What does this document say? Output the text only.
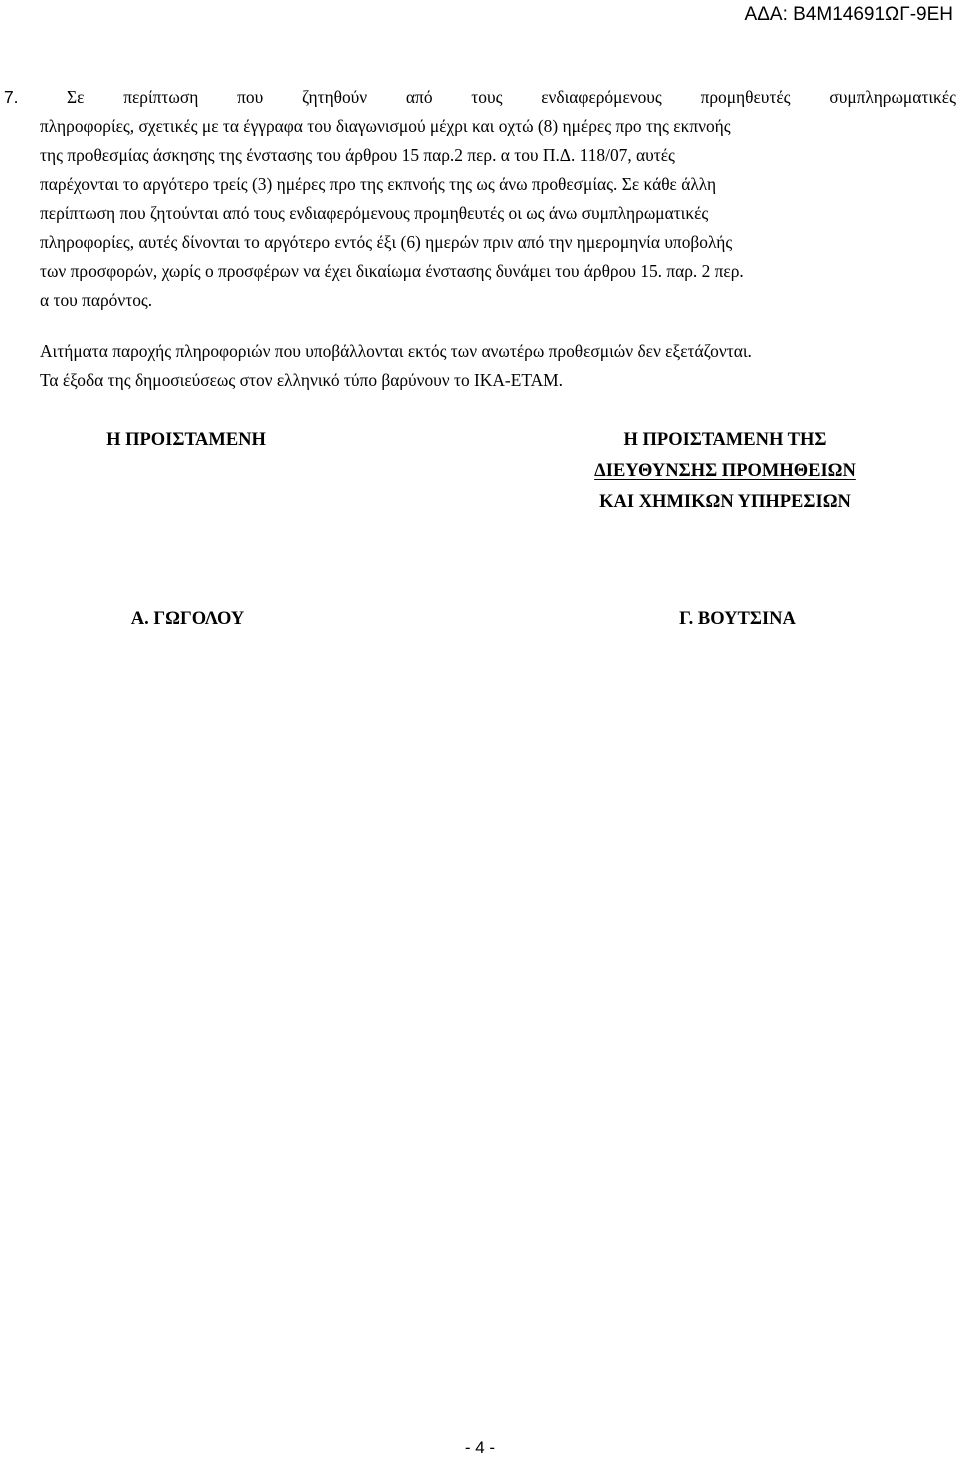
ΑΔΑ: Β4Μ14691ΩΓ-9ΕΗ
7.	Σε περίπτωση που ζητηθούν από τους ενδιαφερόμενους προμηθευτές συμπληρωματικές
πληροφορίες, σχετικές με τα έγγραφα του διαγωνισμού μέχρι και οχτώ (8) ημέρες προ της εκπνοής
της προθεσμίας άσκησης της ένστασης του άρθρου 15 παρ.2 περ. α του Π.Δ. 118/07, αυτές
παρέχονται το αργότερο τρείς (3) ημέρες προ της εκπνοής της ως άνω προθεσμίας. Σε κάθε άλλη
περίπτωση που ζητούνται από τους ενδιαφερόμενους προμηθευτές οι ως άνω συμπληρωματικές
πληροφορίες, αυτές δίνονται το αργότερο εντός έξι (6) ημερών πριν από την ημερομηνία υποβολής
των προσφορών, χωρίς ο προσφέρων να έχει δικαίωμα ένστασης δυνάμει του άρθρου 15. παρ. 2 περ.
α του παρόντος.
Αιτήματα παροχής πληροφοριών που υποβάλλονται εκτός των ανωτέρω προθεσμιών δεν εξετάζονται.
Τα έξοδα της δημοσιεύσεως στον ελληνικό τύπο βαρύνουν το ΙΚΑ-ΕΤΑΜ.
Η ΠΡΟΙΣΤΑΜΕΝΗ	Η ΠΡΟΙΣΤΑΜΕΝΗ ΤΗΣ
ΔΙΕΥΘΥΝΣΗΣ ΠΡΟΜΗΘΕΙΩΝ
ΚΑΙ ΧΗΜΙΚΩΝ ΥΠΗΡΕΣΙΩΝ
Α. ΓΩΓΟΛΟΥ	Γ. ΒΟΥΤΣΙΝΑ
- 4 -
